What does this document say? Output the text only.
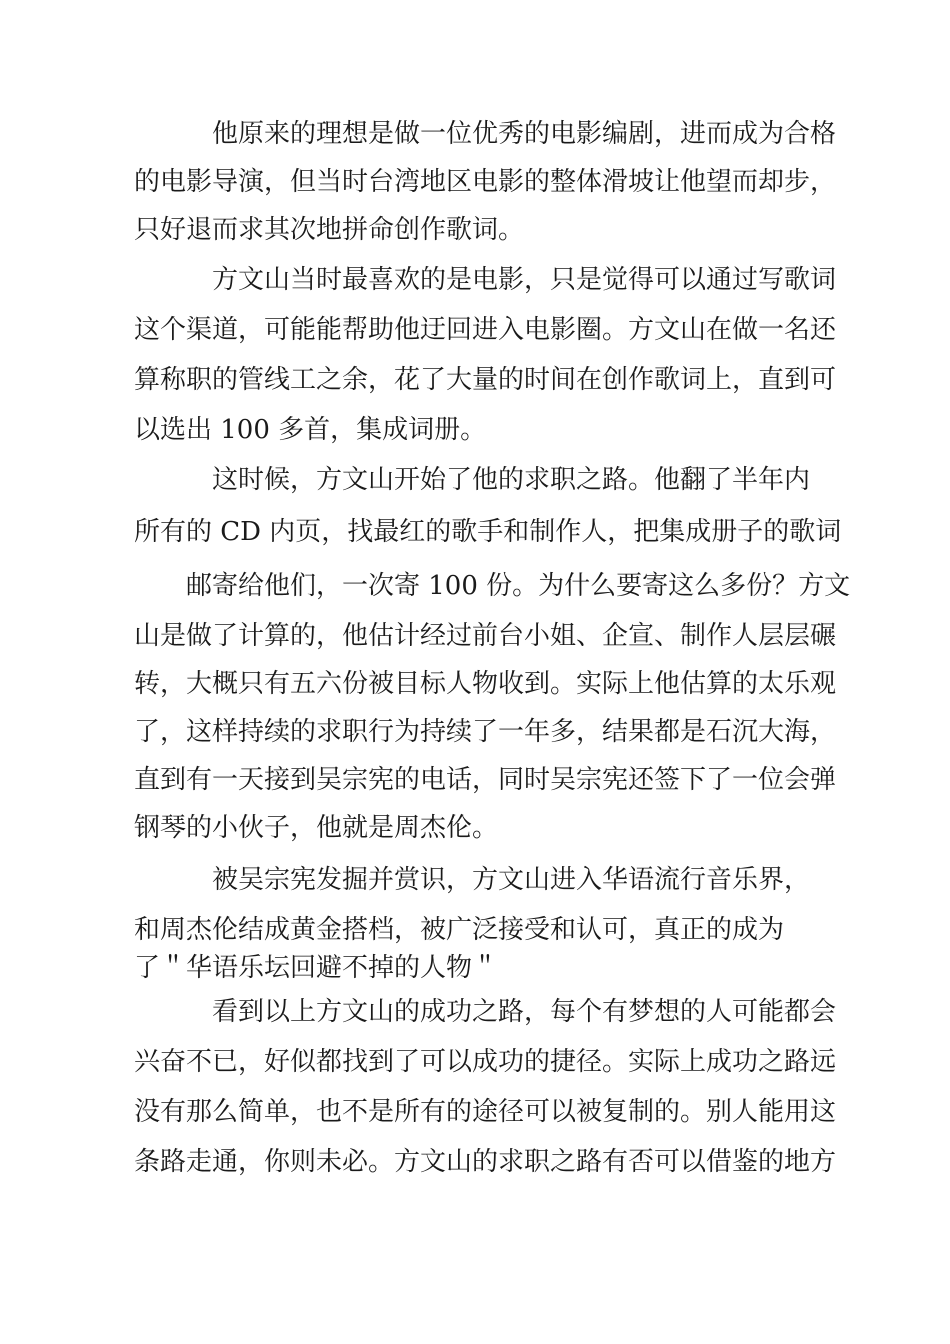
他原来的理想是做一位优秀的电影编剧，进而成为合格

的电影导演，但当时台湾地区电影的整体滑坡让他望而却步，

只好退而求其次地拼命创作歌词。

方文山当时最喜欢的是电影，只是觉得可以通过写歌词

这个渠道，可能能帮助他迂回进入电影圈。方文山在做一名还

算称职的管线工之余，花了大量的时间在创作歌词上，直到可

以选出 100 多首，集成词册。

这时候，方文山开始了他的求职之路。他翻了半年内

所有的 CD 内页，找最红的歌手和制作人，把集成册子的歌词

邮寄给他们，一次寄 100 份。为什么要寄这么多份？方文

山是做了计算的，他估计经过前台小姐、企宣、制作人层层碾

转，大概只有五六份被目标人物收到。实际上他估算的太乐观

了，这样持续的求职行为持续了一年多，结果都是石沉大海，

直到有一天接到吴宗宪的电话，同时吴宗宪还签下了一位会弹

钢琴的小伙子，他就是周杰伦。

被吴宗宪发掘并赏识，方文山进入华语流行音乐界，

和周杰伦结成黄金搭档，被广泛接受和认可，真正的成为

了＂华语乐坛回避不掉的人物＂

看到以上方文山的成功之路，每个有梦想的人可能都会

兴奋不已，好似都找到了可以成功的捷径。实际上成功之路远

没有那么简单，也不是所有的途径可以被复制的。别人能用这

条路走通，你则未必。方文山的求职之路有否可以借鉴的地方
